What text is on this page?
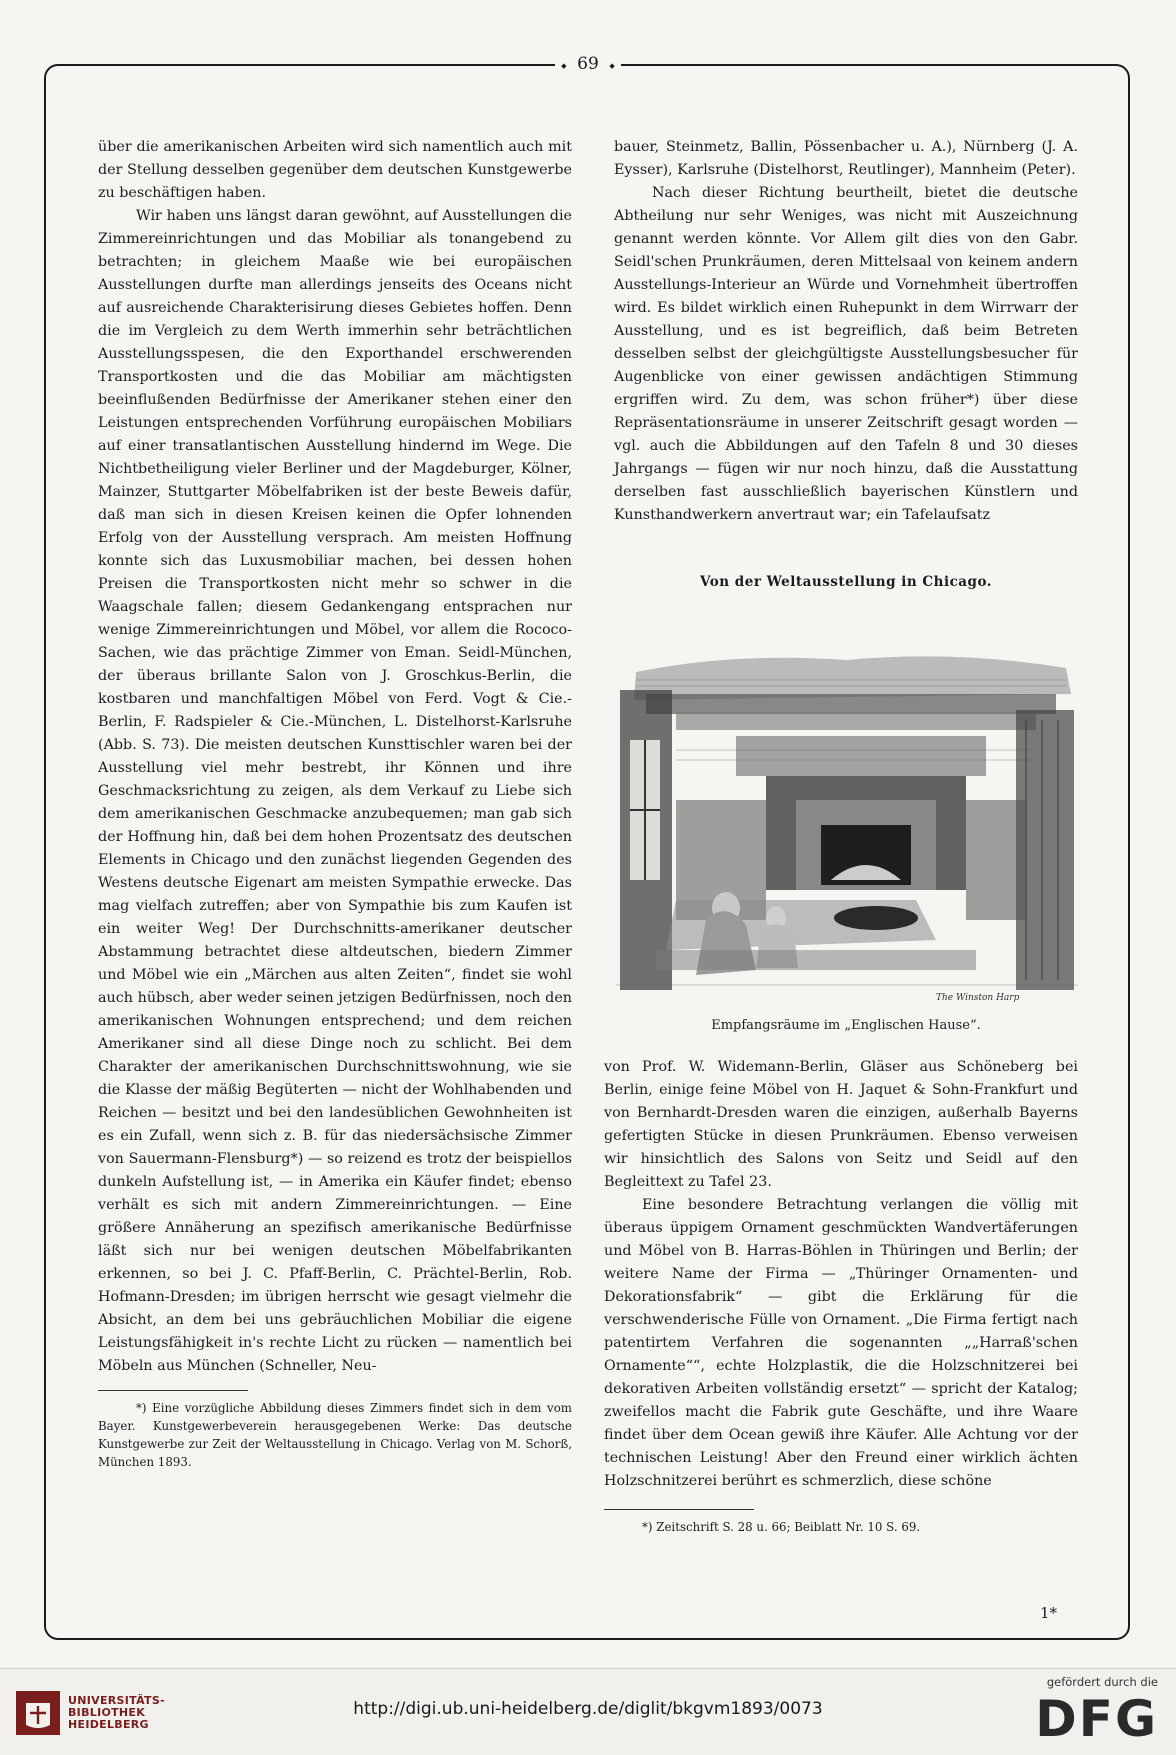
◆ 69 ◆

über die amerikanischen Arbeiten wird sich namentlich auch mit der Stellung desselben gegenüber dem deutschen Kunstgewerbe zu beschäftigen haben.

Wir haben uns längst daran gewöhnt, auf Ausstellungen die Zimmereinrichtungen und das Mobiliar als tonangebend zu betrachten; in gleichem Maaße wie bei europäischen Ausstellungen durfte man allerdings jenseits des Oceans nicht auf ausreichende Charakterisirung dieses Gebietes hoffen. Denn die im Vergleich zu dem Werth immerhin sehr beträchtlichen Ausstellungsspesen, die den Exporthandel erschwerenden Transportkosten und die das Mobiliar am mächtigsten beeinflußenden Bedürfnisse der Amerikaner stehen einer den Leistungen entsprechenden Vorführung europäischen Mobiliars auf einer transatlantischen Ausstellung hindernd im Wege. Die Nichtbetheiligung vieler Berliner und der Magdeburger, Kölner, Mainzer, Stuttgarter Möbelfabriken ist der beste Beweis dafür, daß man sich in diesen Kreisen keinen die Opfer lohnenden Erfolg von der Ausstellung versprach. Am meisten Hoffnung konnte sich das Luxusmobiliar machen, bei dessen hohen Preisen die Transportkosten nicht mehr so schwer in die Waagschale fallen; diesem Gedankengang entsprachen nur wenige Zimmereinrichtungen und Möbel, vor allem die Rococo-Sachen, wie das prächtige Zimmer von Eman. Seidl-München, der überaus brillante Salon von J. Groschkus-Berlin, die kostbaren und manchfaltigen Möbel von Ferd. Vogt & Cie.-Berlin, F. Radspieler & Cie.-München, L. Distelhorst-Karlsruhe (Abb. S. 73). Die meisten deutschen Kunsttischler waren bei der Ausstellung viel mehr bestrebt, ihr Können und ihre Geschmacksrichtung zu zeigen, als dem Verkauf zu Liebe sich dem amerikanischen Geschmacke anzubequemen; man gab sich der Hoffnung hin, daß bei dem hohen Prozentsatz des deutschen Elements in Chicago und den zunächst liegenden Gegenden des Westens deutsche Eigenart am meisten Sympathie erwecke. Das mag vielfach zutreffen; aber von Sympathie bis zum Kaufen ist ein weiter Weg! Der Durchschnitts-amerikaner deutscher Abstammung betrachtet diese altdeutschen, biedern Zimmer und Möbel wie ein „Märchen aus alten Zeiten“, findet sie wohl auch hübsch, aber weder seinen jetzigen Bedürfnissen, noch den amerikanischen Wohnungen entsprechend; und dem reichen Amerikaner sind all diese Dinge noch zu schlicht. Bei dem Charakter der amerikanischen Durchschnittswohnung, wie sie die Klasse der mäßig Begüterten — nicht der Wohlhabenden und Reichen — besitzt und bei den landesüblichen Gewohnheiten ist es ein Zufall, wenn sich z. B. für das niedersächsische Zimmer von Sauermann-Flensburg*) — so reizend es trotz der beispiellos dunkeln Aufstellung ist, — in Amerika ein Käufer findet; ebenso verhält es sich mit andern Zimmereinrichtungen. — Eine größere Annäherung an spezifisch amerikanische Bedürfnisse läßt sich nur bei wenigen deutschen Möbelfabrikanten erkennen, so bei J. C. Pfaff-Berlin, C. Prächtel-Berlin, Rob. Hofmann-Dresden; im übrigen herrscht wie gesagt vielmehr die Absicht, an dem bei uns gebräuchlichen Mobiliar die eigene Leistungsfähigkeit in's rechte Licht zu rücken — namentlich bei Möbeln aus München (Schneller, Neu-

*) Eine vorzügliche Abbildung dieses Zimmers findet sich in dem vom Bayer. Kunstgewerbeverein herausgegebenen Werke: Das deutsche Kunstgewerbe zur Zeit der Weltausstellung in Chicago. Verlag von M. Schorß, München 1893.

bauer, Steinmetz, Ballin, Pössenbacher u. A.), Nürnberg (J. A. Eysser), Karlsruhe (Distelhorst, Reutlinger), Mannheim (Peter).

Nach dieser Richtung beurtheilt, bietet die deutsche Abtheilung nur sehr Weniges, was nicht mit Auszeichnung genannt werden könnte. Vor Allem gilt dies von den Gabr. Seidl'schen Prunkräumen, deren Mittelsaal von keinem andern Ausstellungs-Interieur an Würde und Vornehmheit übertroffen wird. Es bildet wirklich einen Ruhepunkt in dem Wirrwarr der Ausstellung, und es ist begreiflich, daß beim Betreten desselben selbst der gleichgültigste Ausstellungsbesucher für Augenblicke von einer gewissen andächtigen Stimmung ergriffen wird. Zu dem, was schon früher*) über diese Repräsentationsräume in unserer Zeitschrift gesagt worden — vgl. auch die Abbildungen auf den Tafeln 8 und 30 dieses Jahrgangs — fügen wir nur noch hinzu, daß die Ausstattung derselben fast ausschließlich bayerischen Künstlern und Kunsthandwerkern anvertraut war; ein Tafelaufsatz

Von der Weltausstellung in Chicago.
The Winston Harp
Empfangsräume im „Englischen Hause“.

von Prof. W. Widemann-Berlin, Gläser aus Schöneberg bei Berlin, einige feine Möbel von H. Jaquet & Sohn-Frankfurt und von Bernhardt-Dresden waren die einzigen, außerhalb Bayerns gefertigten Stücke in diesen Prunkräumen. Ebenso verweisen wir hinsichtlich des Salons von Seitz und Seidl auf den Begleittext zu Tafel 23.

Eine besondere Betrachtung verlangen die völlig mit überaus üppigem Ornament geschmückten Wandvertäferungen und Möbel von B. Harras-Böhlen in Thüringen und Berlin; der weitere Name der Firma — „Thüringer Ornamenten- und Dekorationsfabrik“ — gibt die Erklärung für die verschwenderische Fülle von Ornament. „Die Firma fertigt nach patentirtem Verfahren die sogenannten „„Harraß'schen Ornamente““, echte Holzplastik, die die Holzschnitzerei bei dekorativen Arbeiten vollständig ersetzt“ — spricht der Katalog; zweifellos macht die Fabrik gute Geschäfte, und ihre Waare findet über dem Ocean gewiß ihre Käufer. Alle Achtung vor der technischen Leistung! Aber den Freund einer wirklich ächten Holzschnitzerei berührt es schmerzlich, diese schöne

*) Zeitschrift S. 28 u. 66; Beiblatt Nr. 10 S. 69.

1*
UNIVERSITÄTS-
BIBLIOTHEK
HEIDELBERG
http://digi.ub.uni-heidelberg.de/diglit/bkgvm1893/0073
gefördert durch die
DFG
